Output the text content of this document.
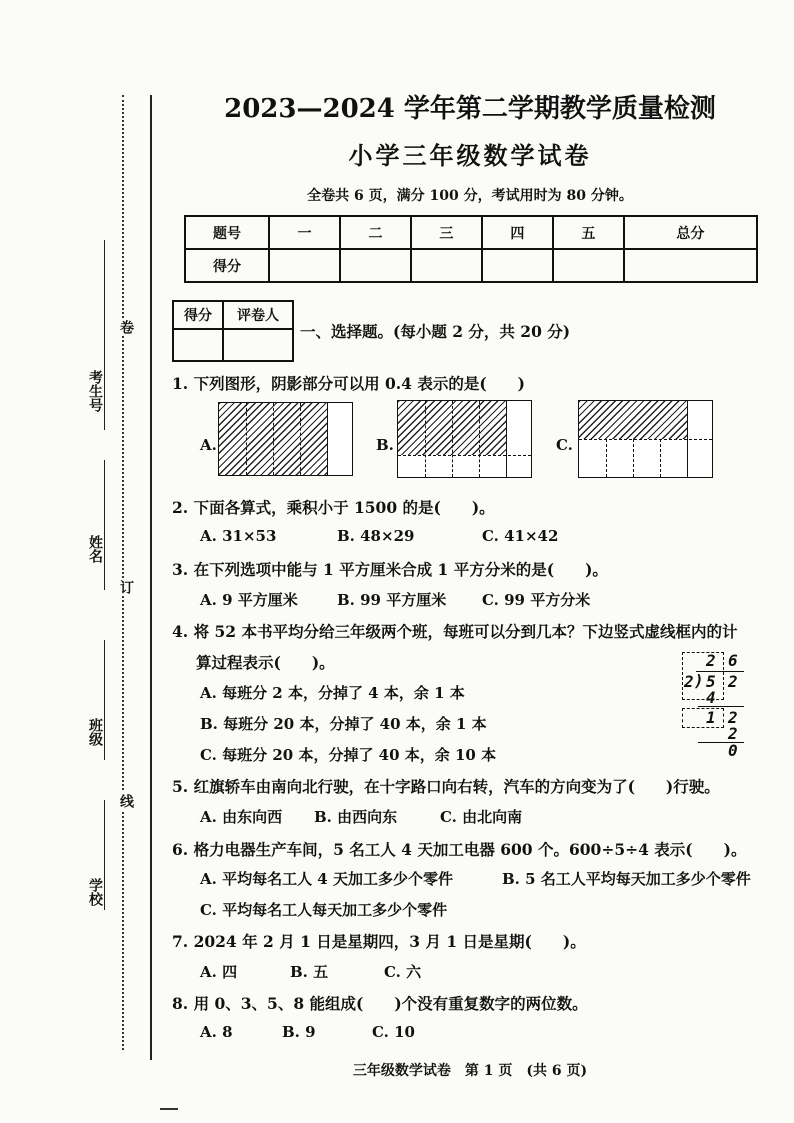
卷
订
线
考生号
姓名
班级
学校
2023—2024 学年第二学期教学质量检测
小学三年级数学试卷
全卷共 6 页，满分 100 分，考试用时为 80 分钟。
题号	一	二	三	四	五	总分
得分						
得分	评卷人

一、选择题。(每小题 2 分，共 20 分)
1. 下列图形，阴影部分可以用 0.4 表示的是(　　)
A.	B.	C.
2. 下面各算式，乘积小于 1500 的是(　　)。
A. 31×53	B. 48×29	C. 41×42
3. 在下列选项中能与 1 平方厘米合成 1 平方分米的是(　　)。
A. 9 平方厘米	B. 99 平方厘米 C. 99 平方分米
4. 将 52 本书平均分给三年级两个班，每班可以分到几本？下边竖式虚线框内的计
算过程表示(　　)。
A. 每班分 2 本，分掉了 4 本，余 1 本
B. 每班分 20 本，分掉了 40 本，余 1 本
C. 每班分 20 本，分掉了 40 本，余 10 本
2 6
2 ) 5 2
4
1 2
2
0
5. 红旗轿车由南向北行驶，在十字路口向右转，汽车的方向变为了(　　)行驶。
A. 由东向西 B. 由西向东	C. 由北向南
6. 格力电器生产车间，5 名工人 4 天加工电器 600 个。600÷5÷4 表示(　　)。
A. 平均每名工人 4 天加工多少个零件	B. 5 名工人平均每天加工多少个零件
C. 平均每名工人每天加工多少个零件
7. 2024 年 2 月 1 日是星期四，3 月 1 日是星期(　　)。
A. 四	B. 五	C. 六
8. 用 0、3、5、8 能组成(　　)个没有重复数字的两位数。
A. 8	B. 9	C. 10
三年级数学试卷　第 1 页　(共 6 页)
